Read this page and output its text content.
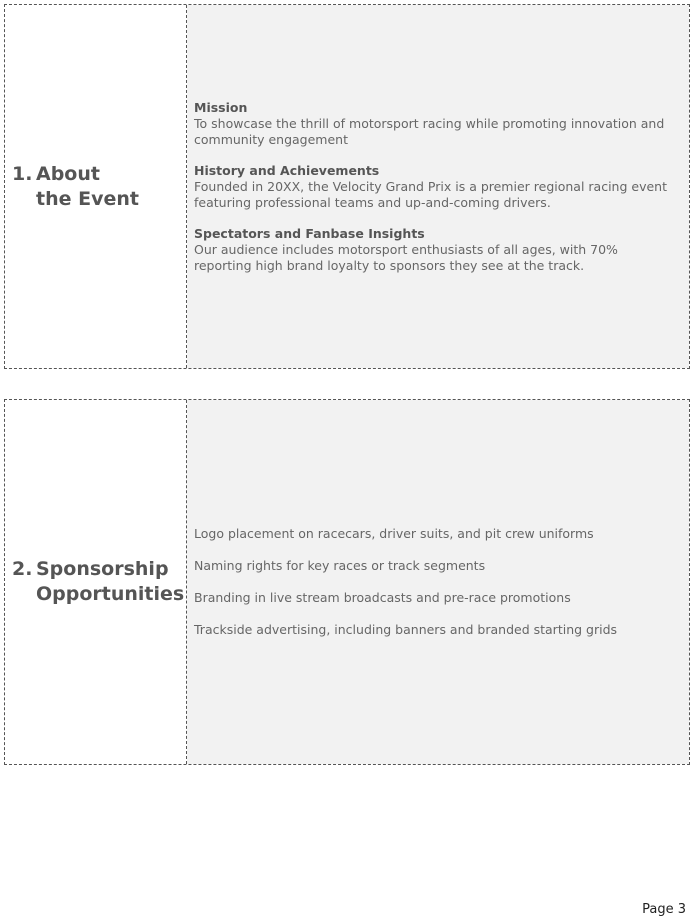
1. About
the Event
Mission
To showcase the thrill of motorsport racing while promoting innovation and community engagement
History and Achievements
Founded in 20XX, the Velocity Grand Prix is a premier regional racing event featuring professional teams and up-and-coming drivers.
Spectators and Fanbase Insights
Our audience includes motorsport enthusiasts of all ages, with 70% reporting high brand loyalty to sponsors they see at the track.
2. Sponsorship
Opportunities
Logo placement on racecars, driver suits, and pit crew uniforms
Naming rights for key races or track segments
Branding in live stream broadcasts and pre-race promotions
Trackside advertising, including banners and branded starting grids
Page 3
